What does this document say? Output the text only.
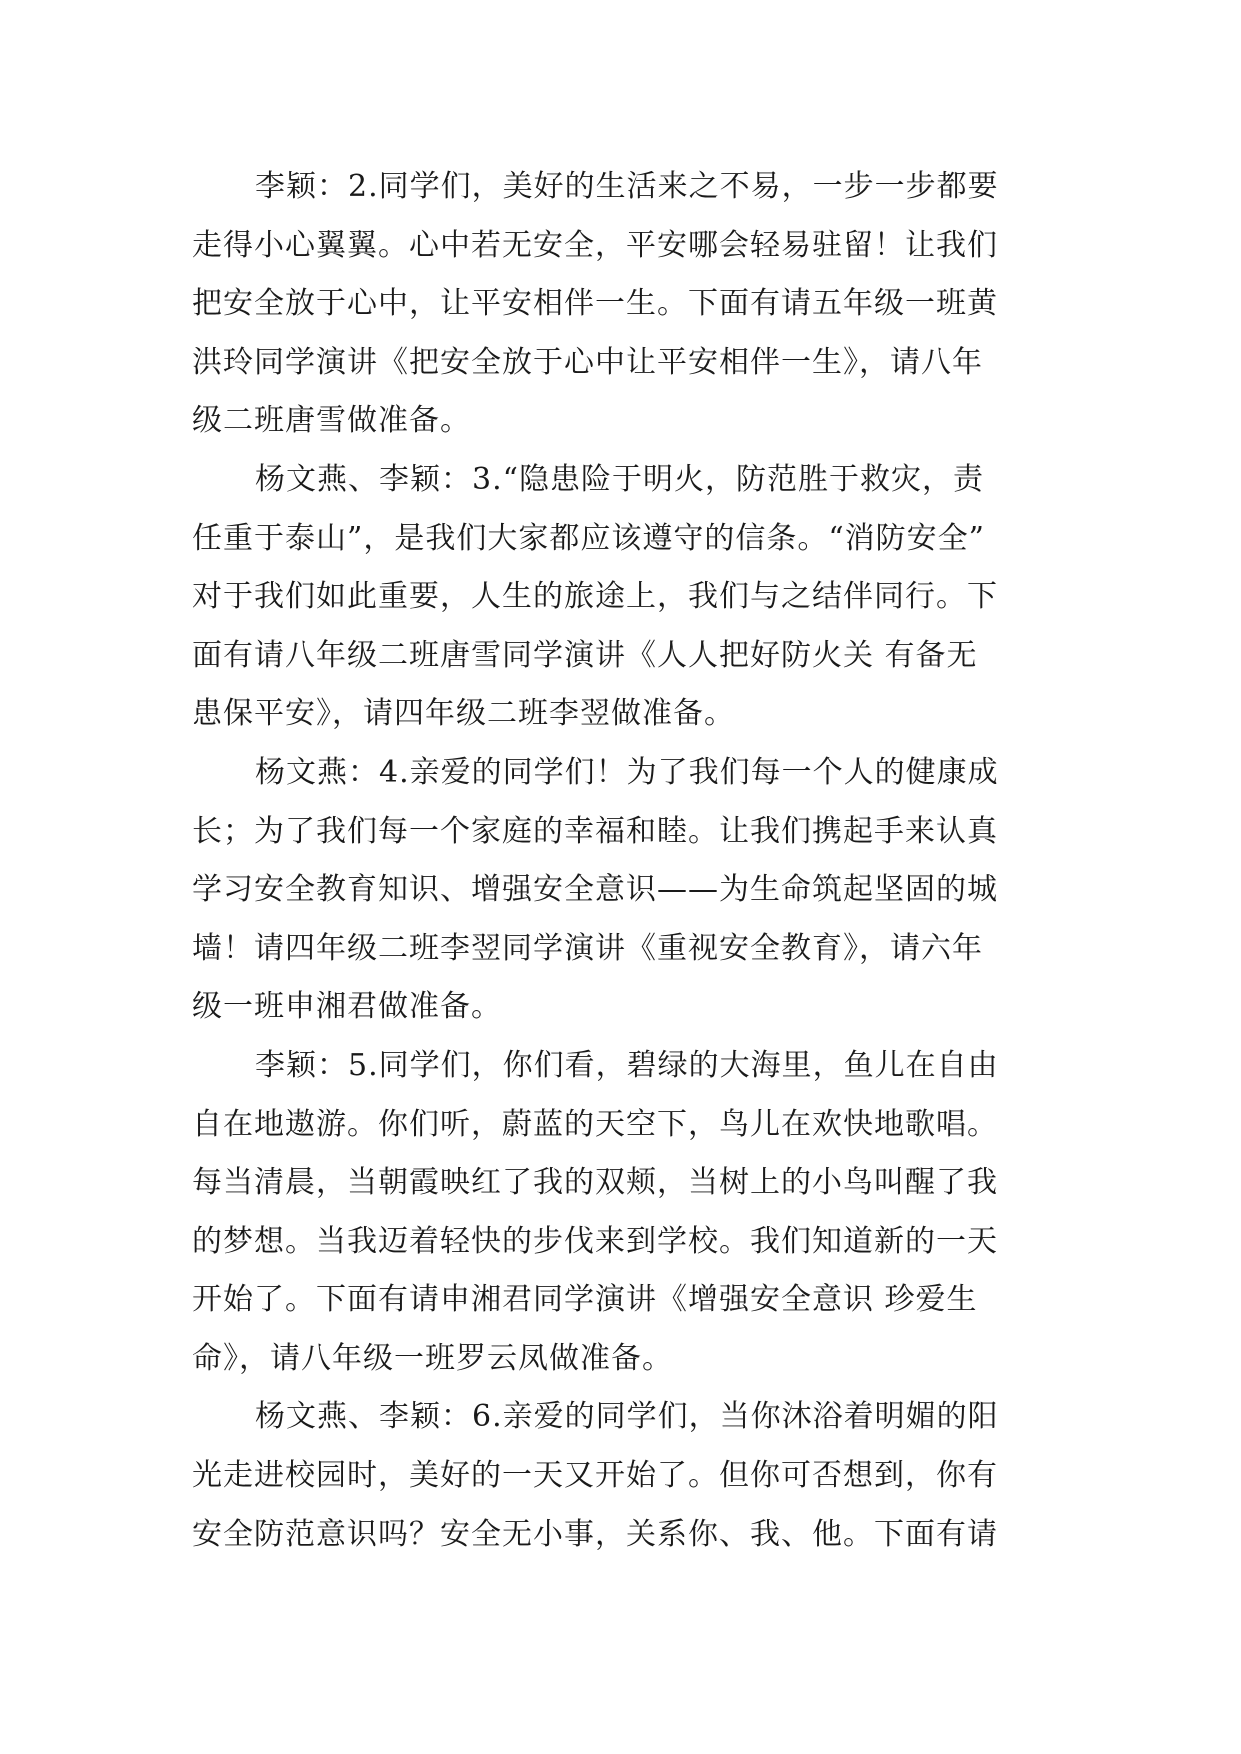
李颖：2.同学们，美好的生活来之不易，一步一步都要
走得小心翼翼。心中若无安全，平安哪会轻易驻留！让我们
把安全放于心中，让平安相伴一生。下面有请五年级一班黄
洪玲同学演讲《把安全放于心中让平安相伴一生》，请八年
级二班唐雪做准备。
杨文燕、李颖：3.“隐患险于明火，防范胜于救灾，责
任重于泰山”，是我们大家都应该遵守的信条。“消防安全”
对于我们如此重要，人生的旅途上，我们与之结伴同行。下
面有请八年级二班唐雪同学演讲《人人把好防火关 有备无
患保平安》，请四年级二班李翌做准备。
杨文燕：4.亲爱的同学们！为了我们每一个人的健康成
长；为了我们每一个家庭的幸福和睦。让我们携起手来认真
学习安全教育知识、增强安全意识——为生命筑起坚固的城
墙！请四年级二班李翌同学演讲《重视安全教育》，请六年
级一班申湘君做准备。
李颖：5.同学们，你们看，碧绿的大海里，鱼儿在自由
自在地遨游。你们听，蔚蓝的天空下，鸟儿在欢快地歌唱。
每当清晨，当朝霞映红了我的双颊，当树上的小鸟叫醒了我
的梦想。当我迈着轻快的步伐来到学校。我们知道新的一天
开始了。下面有请申湘君同学演讲《增强安全意识 珍爱生
命》，请八年级一班罗云凤做准备。
杨文燕、李颖：6.亲爱的同学们，当你沐浴着明媚的阳
光走进校园时，美好的一天又开始了。但你可否想到，你有
安全防范意识吗？安全无小事，关系你、我、他。下面有请
